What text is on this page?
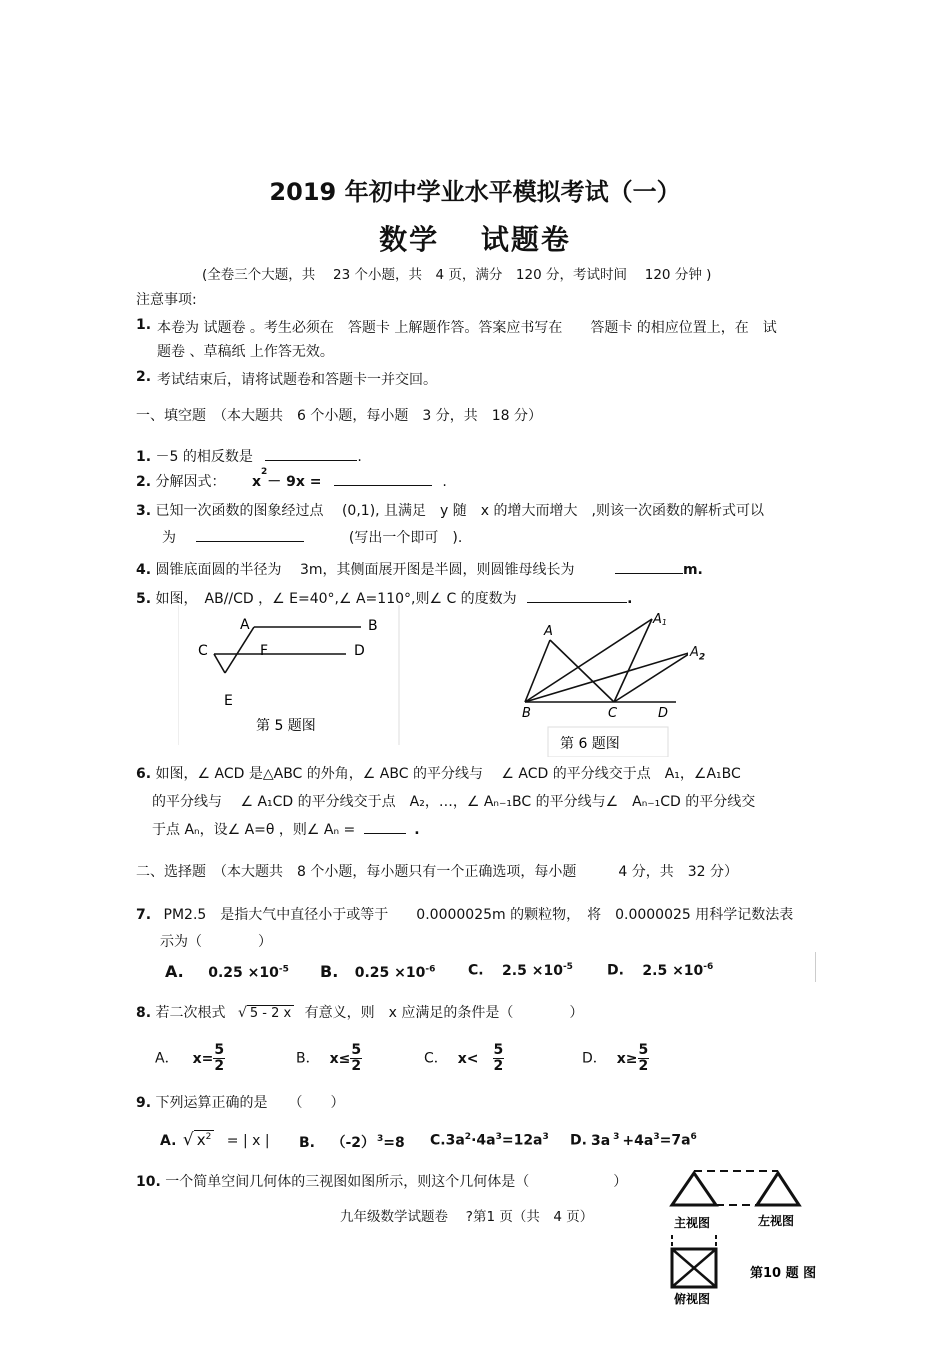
2019 年初中学业水平模拟考试（一）
数学　 试题卷
(全卷三个大题，共　 23 个小题，共　4 页，满分　120 分，考试时间　 120 分钟 )
注意事项:
1. 本卷为 试题卷 。考生必须在　答题卡 上解题作答。答案应书写在　　答题卡 的相应位置上，在　试
题卷 、草稿纸 上作答无效。
2. 考试结束后，请将试题卷和答题卡一并交回。
一、填空题　（本大题共　6 个小题，每小题　3 分，共　18 分）
1. －5 的相反数是	.
2. 分解因式： $x^2- 9x$ =	.
3. 已知一次函数的图象经过点　 (0,1), 且满足　y 随　x 的增大而增大　,则该一次函数的解析式可以
为	(写出一个即可　).
4. 圆锥底面圆的半径为　 3m，其侧面展开图是半圆，则圆锥母线长为	m.
5. 如图，　AB//CD ，∠ E=40°,∠ A=110°,则∠ C 的度数为	.
A	B
C	F	D
E
第 5 题图
A
A1
B	C	D
第 6 题图
$A_2$
6. 如图，∠ ACD 是△ABC 的外角，∠ ABC 的平分线与　 ∠ ACD 的平分线交于点　A₁，∠A₁BC
的平分线与　 ∠ A₁CD 的平分线交于点　A₂，…，∠ Aₙ₋₁BC 的平分线与∠　Aₙ₋₁CD 的平分线交
于点 Aₙ，设∠ A=θ ，则∠ Aₙ =	.
二、选择题　（本大题共　8 个小题，每小题只有一个正确选项，每小题　　　4 分，共　32 分）
7. PM2.5　是指大气中直径小于或等于　　0.0000025m 的颗粒物，　将　0.0000025 用科学记数法表
示为（　　　　）
A. $0.25 \times 10^{-5}$ B. $0.25 \times 10^{-6}$ C. $2.5 \times 10^{-5}$ D. $2.5 \times 10^{-6}$
8. 若二次根式 √ 5 - 2 x 有意义，则　x 应满足的条件是（　　　　）
A． $x= \frac{5}{2}$	B． $x\le \frac{5}{2}$	C． $x< \frac{5}{2}$	D． $x\ge \frac{5}{2}$
9. 下列运算正确的是　　（　　）
A. √ $x^2$ = | x | B. （-2） $^3$=8 $C.3a^2\cdot 4a^3=12a^3$ D. 3a $^3 +4a^3=7a^6$
10. 一个简单空间几何体的三视图如图所示，则这个几何体是（　　　　　　）
主视图	左视图
俯视图
第10 题 图
九年级数学试题卷　 ?第1 页（共　4 页）
